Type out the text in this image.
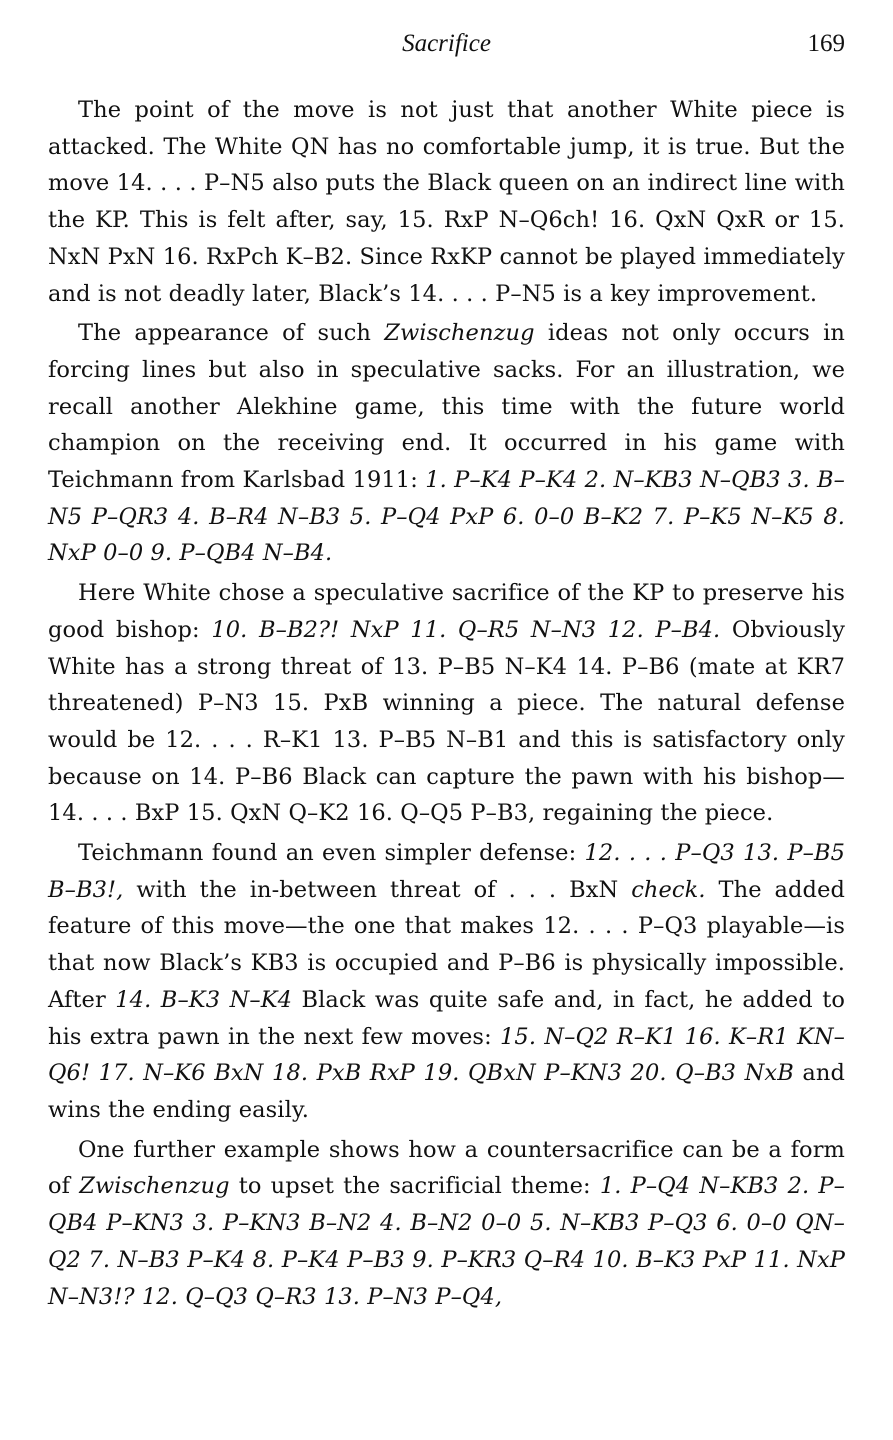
Sacrifice	169

The point of the move is not just that another White piece is attacked. The White QN has no comfortable jump, it is true. But the move 14. . . . P–N5 also puts the Black queen on an indirect line with the KP. This is felt after, say, 15. RxP N–Q6ch! 16. QxN QxR or 15. NxN PxN 16. RxPch K–B2. Since RxKP cannot be played immediately and is not deadly later, Black’s 14. . . . P–N5 is a key improvement.

The appearance of such Zwischenzug ideas not only occurs in forcing lines but also in speculative sacks. For an illustration, we recall another Alekhine game, this time with the future world champion on the receiving end. It occurred in his game with Teichmann from Karlsbad 1911: 1. P–K4 P–K4 2. N–KB3 N–QB3 3. B–N5 P–QR3 4. B–R4 N–B3 5. P–Q4 PxP 6. 0–0 B–K2 7. P–K5 N–K5 8. NxP 0–0 9. P–QB4 N–B4.

Here White chose a speculative sacrifice of the KP to preserve his good bishop: 10. B–B2?! NxP 11. Q–R5 N–N3 12. P–B4. Obviously White has a strong threat of 13. P–B5 N–K4 14. P–B6 (mate at KR7 threatened) P–N3 15. PxB winning a piece. The natural defense would be 12. . . . R–K1 13. P–B5 N–B1 and this is satisfactory only because on 14. P–B6 Black can capture the pawn with his bishop—14. . . . BxP 15. QxN Q–K2 16. Q–Q5 P–B3, regaining the piece.

Teichmann found an even simpler defense: 12. . . . P–Q3 13. P–B5 B–B3!, with the in-between threat of . . . BxN check. The added feature of this move—the one that makes 12. . . . P–Q3 playable—is that now Black’s KB3 is occupied and P–B6 is physically impossible. After 14. B–K3 N–K4 Black was quite safe and, in fact, he added to his extra pawn in the next few moves: 15. N–Q2 R–K1 16. K–R1 KN–Q6! 17. N–K6 BxN 18. PxB RxP 19. QBxN P–KN3 20. Q–B3 NxB and wins the ending easily.

One further example shows how a countersacrifice can be a form of Zwischenzug to upset the sacrificial theme: 1. P–Q4 N–KB3 2. P–QB4 P–KN3 3. P–KN3 B–N2 4. B–N2 0–0 5. N–KB3 P–Q3 6. 0–0 QN–Q2 7. N–B3 P–K4 8. P–K4 P–B3 9. P–KR3 Q–R4 10. B–K3 PxP 11. NxP N–N3!? 12. Q–Q3 Q–R3 13. P–N3 P–Q4,
